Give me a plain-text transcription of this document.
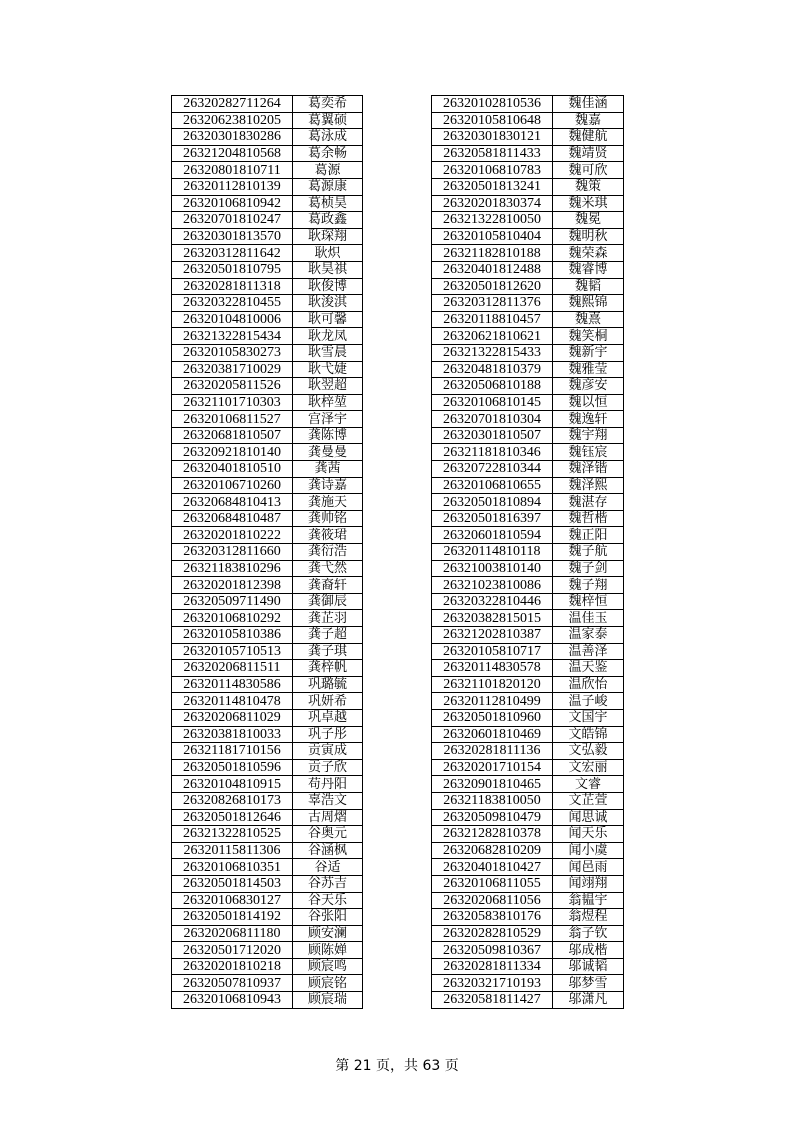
26320282711264	葛奕希
26320623810205	葛翼硕
26320301830286	葛泳成
26321204810568	葛余畅
26320801810711	葛源
26320112810139	葛源康
26320106810942	葛桢昊
26320701810247	葛政鑫
26320301813570	耿琛翔
26320312811642	耿炽
26320501810795	耿昊祺
26320281811318	耿俊博
26320322810455	耿浚淇
26320104810006	耿可馨
26321322815434	耿龙凤
26320105830273	耿雪晨
26320381710029	耿弋婕
26320205811526	耿翌超
26321101710303	耿梓堃
26320106811527	宫泽宇
26320681810507	龚陈博
26320921810140	龚曼曼
26320401810510	龚茜
26320106710260	龚诗嘉
26320684810413	龚施天
26320684810487	龚帅铭
26320201810222	龚筱珺
26320312811660	龚衍浩
26321183810296	龚弋然
26320201812398	龚裔轩
26320509711490	龚御辰
26320106810292	龚芷羽
26320105810386	龚子超
26320105710513	龚子琪
26320206811511	龚梓帆
26320114830586	巩璐毓
26320114810478	巩妍希
26320206811029	巩卓越
26320381810033	巩子彤
26321181710156	贡寅成
26320501810596	贡子欣
26320104810915	苟丹阳
26320826810173	辜浩文
26320501812646	古周熠
26321322810525	谷奥元
26320115811306	谷涵枫
26320106810351	谷适
26320501814503	谷苏吉
26320106830127	谷天乐
26320501814192	谷张阳
26320206811180	顾安澜
26320501712020	顾陈婵
26320201810218	顾宸鸣
26320507810937	顾宸铭
26320106810943	顾宸瑞
26320102810536	魏佳涵
26320105810648	魏嘉
26320301830121	魏健航
26320581811433	魏靖贤
26320106810783	魏可欣
26320501813241	魏策
26320201830374	魏米琪
26321322810050	魏冕
26320105810404	魏明秋
26321182810188	魏荣森
26320401812488	魏睿博
26320501812620	魏韬
26320312811376	魏熙锦
26320118810457	魏熹
26320621810621	魏笑桐
26321322815433	魏新宇
26320481810379	魏雅莹
26320506810188	魏彦安
26320106810145	魏以恒
26320701810304	魏逸轩
26320301810507	魏宇翔
26321181810346	魏钰宸
26320722810344	魏泽锴
26320106810655	魏泽熙
26320501810894	魏湛存
26320501816397	魏哲楷
26320601810594	魏正阳
26320114810118	魏子航
26321003810140	魏子剑
26321023810086	魏子翔
26320322810446	魏梓恒
26320382815015	温佳玉
26321202810387	温家泰
26320105810717	温善泽
26320114830578	温天鉴
26321101820120	温欣怡
26320112810499	温子峻
26320501810960	文国宇
26320601810469	文皓锦
26320281811136	文弘毅
26320201710154	文宏丽
26320901810465	文睿
26321183810050	文芷萱
26320509810479	闻思诚
26321282810378	闻天乐
26320682810209	闻小虞
26320401810427	闻邑雨
26320106811055	闻翊翔
26320206811056	翁韫宇
26320583810176	翁煜程
26320282810529	翁子钦
26320509810367	邬成楷
26320281811334	邬诚韬
26320321710193	邬梦雪
26320581811427	邬潇凡
第 21 页，共 63 页
